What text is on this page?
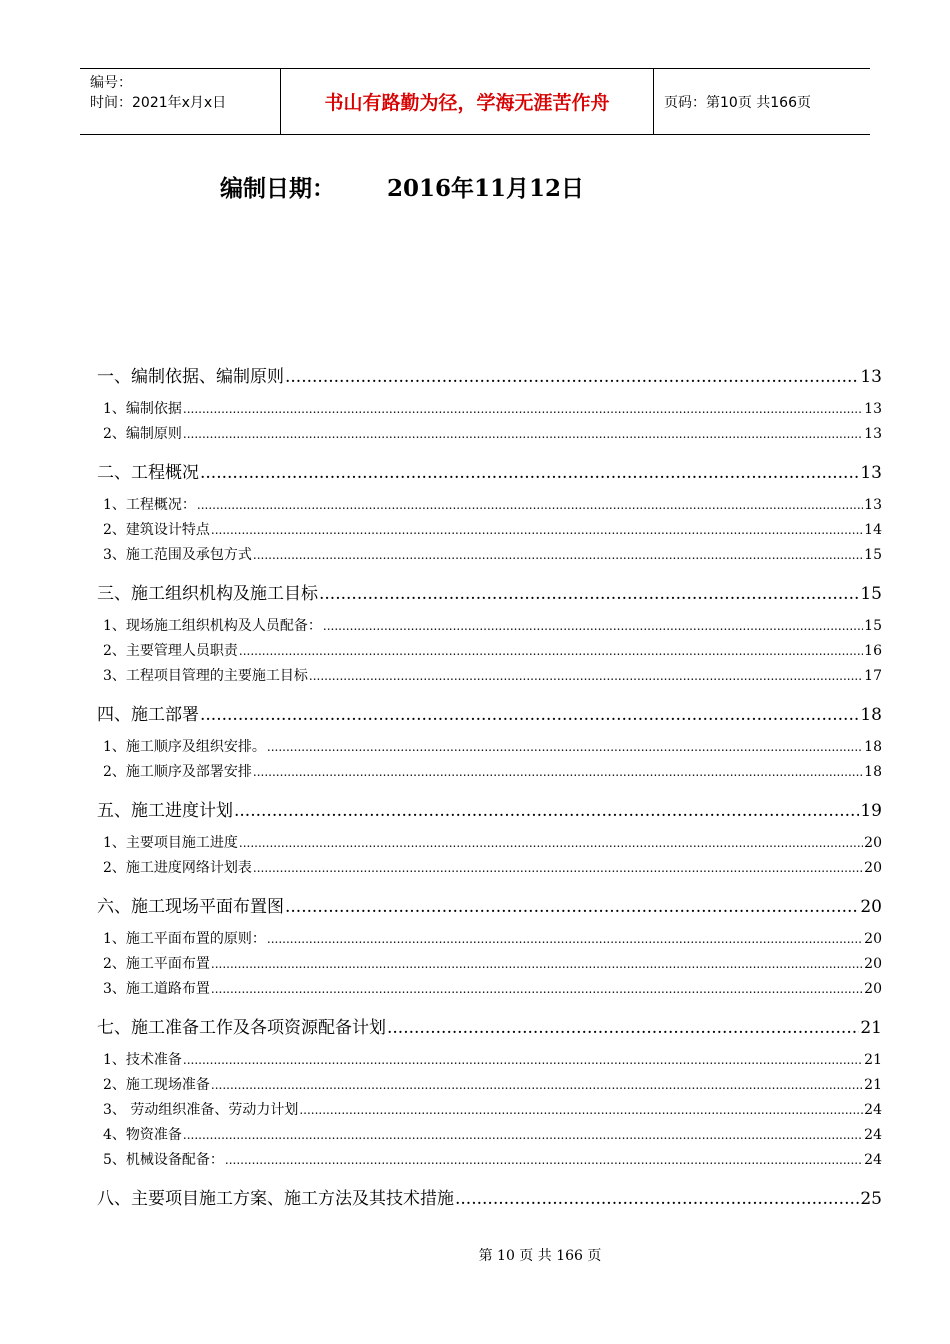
编号：
时间：2021年x月x日	书山有路勤为径，学海无涯苦作舟	页码：第10页 共166页
编制日期： 2016年11月12日
一、编制依据、编制原则 .....	13
1、编制依据 .....	13
2、编制原则 .....	13
二、工程概况 .....	13
1、工程概况： .....	13
2、建筑设计特点 .....	14
3、施工范围及承包方式 .....	15
三、施工组织机构及施工目标 .....	15
1、现场施工组织机构及人员配备： .....	15
2、主要管理人员职责 .....	16
3、工程项目管理的主要施工目标 .....	17
四、施工部署 .....	18
1、施工顺序及组织安排。 .....	18
2、施工顺序及部署安排 .....	18
五、施工进度计划 .....	19
1、主要项目施工进度 .....	20
2、施工进度网络计划表 .....	20
六、施工现场平面布置图 .....	20
1、施工平面布置的原则： .....	20
2、施工平面布置 .....	20
3、施工道路布置 .....	20
七、施工准备工作及各项资源配备计划 .....	21
1、技术准备 .....	21
2、施工现场准备 .....	21
3、 劳动组织准备、劳动力计划 .....	24
4、物资准备 .....	24
5、机械设备配备： .....	24
八、主要项目施工方案、施工方法及其技术措施 .....	25
第 10 页 共 166 页
